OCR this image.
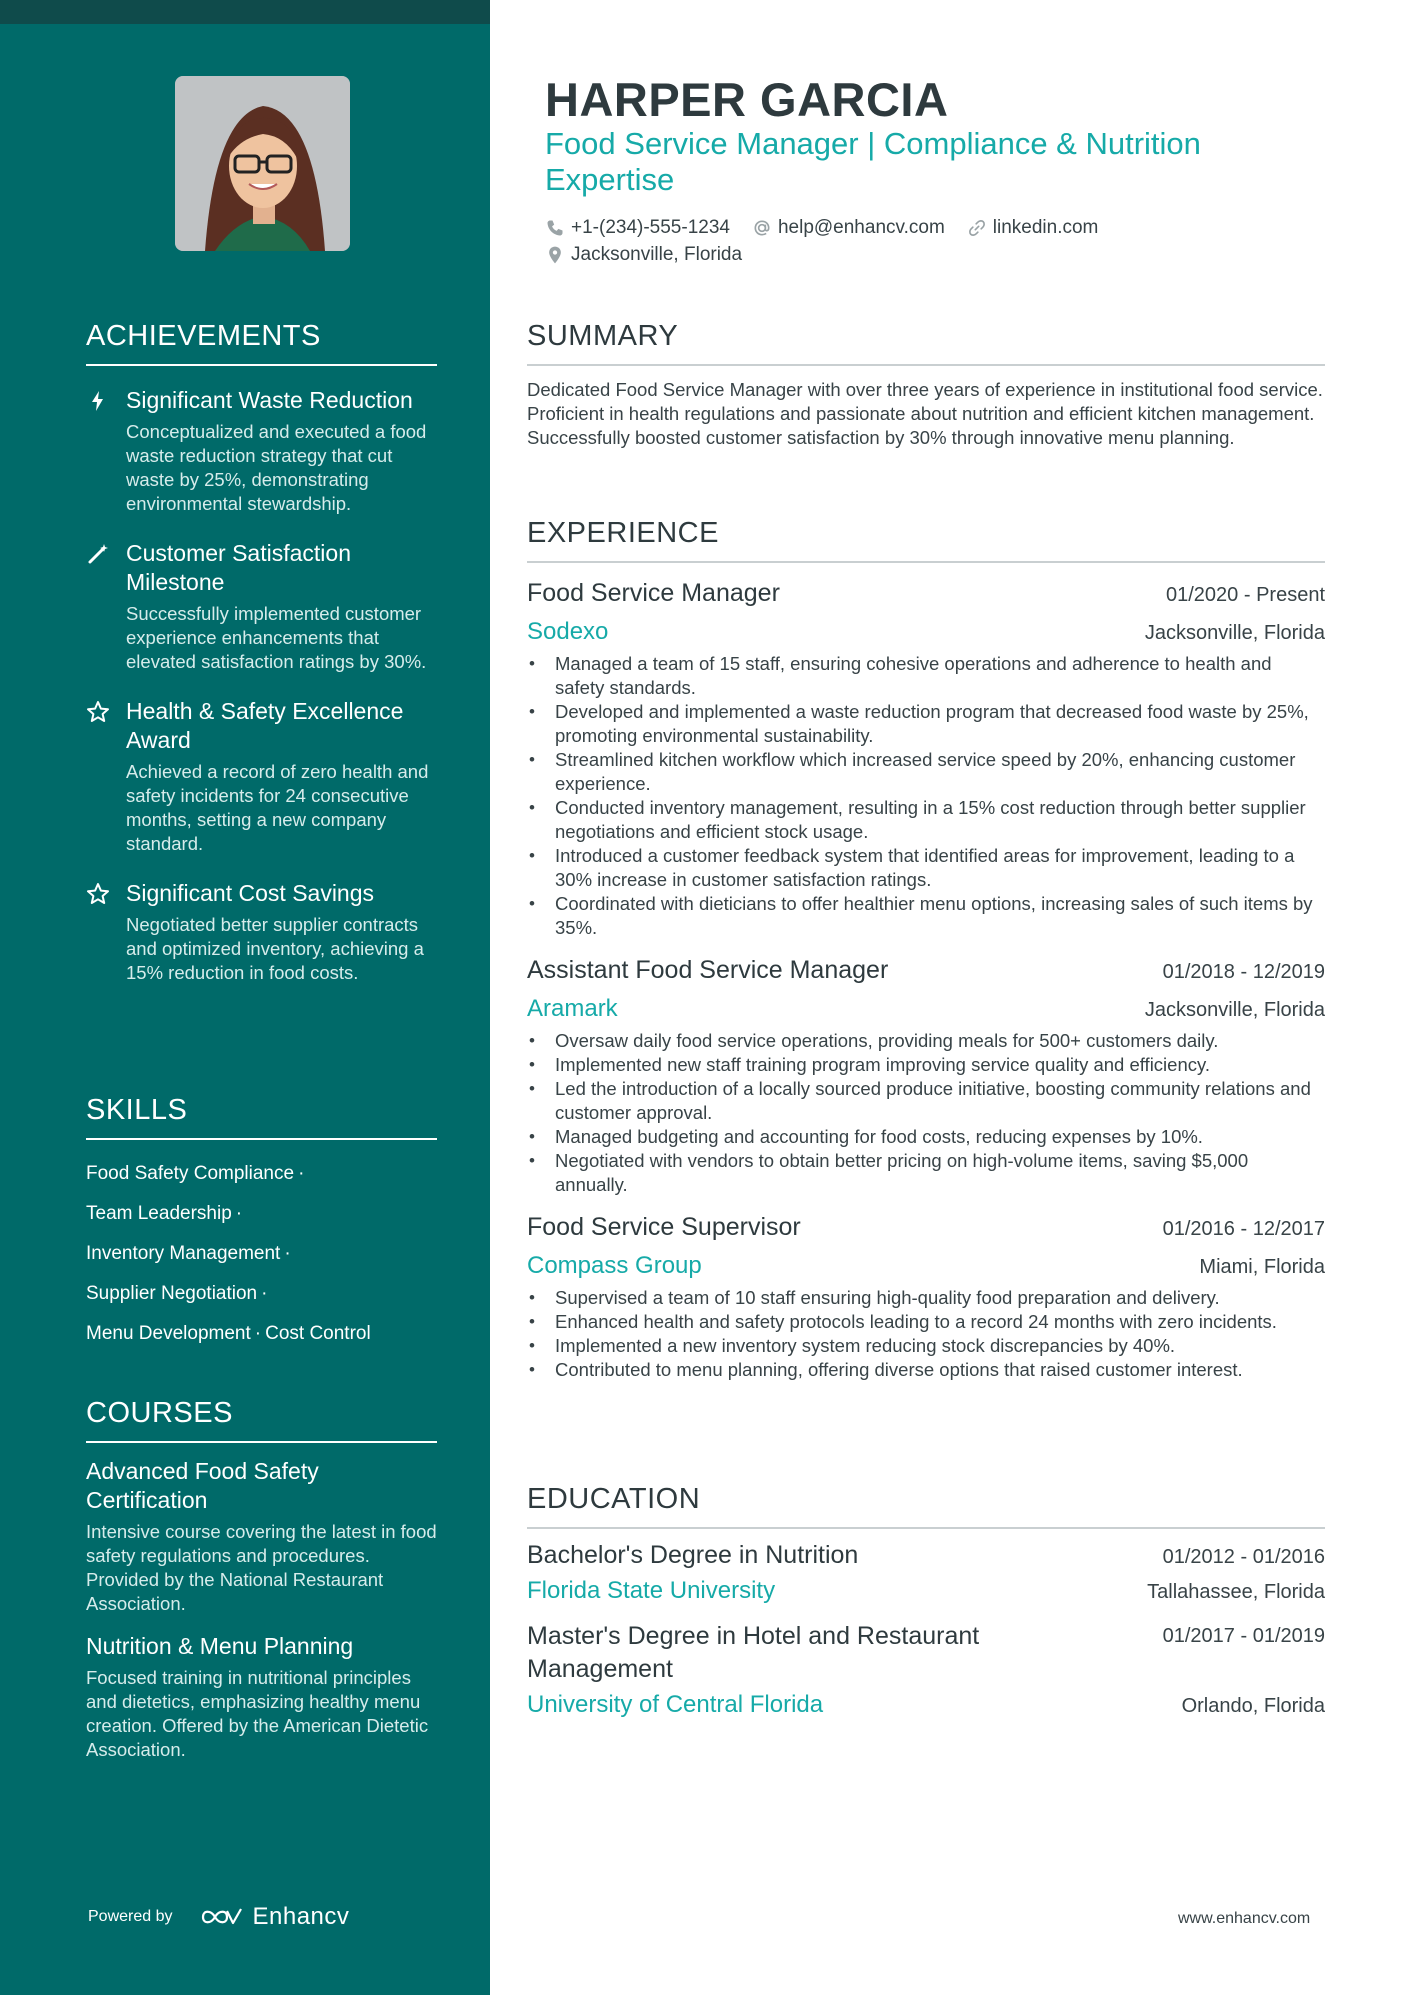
ACHIEVEMENTS
Significant Waste Reduction
Conceptualized and executed a food waste reduction strategy that cut waste by 25%, demonstrating environmental stewardship.
Customer Satisfaction Milestone
Successfully implemented customer experience enhancements that elevated satisfaction ratings by 30%.
Health & Safety Excellence Award
Achieved a record of zero health and safety incidents for 24 consecutive months, setting a new company standard.
Significant Cost Savings
Negotiated better supplier contracts and optimized inventory, achieving a 15% reduction in food costs.
SKILLS
Food Safety Compliance ·
Team Leadership ·
Inventory Management ·
Supplier Negotiation ·
Menu Development · Cost Control
COURSES
Advanced Food Safety Certification
Intensive course covering the latest in food safety regulations and procedures. Provided by the National Restaurant Association.
Nutrition & Menu Planning
Focused training in nutritional principles and dietetics, emphasizing healthy menu creation. Offered by the American Dietetic Association.
Powered by	Enhancv
HARPER GARCIA
Food Service Manager | Compliance & Nutrition Expertise
+1-(234)-555-1234	help@enhancv.com	linkedin.com
Jacksonville, Florida
SUMMARY

Dedicated Food Service Manager with over three years of experience in institutional food service. Proficient in health regulations and passionate about nutrition and efficient kitchen management. Successfully boosted customer satisfaction by 30% through innovative menu planning.

EXPERIENCE
Food Service Manager	01/2020 - Present
Sodexo	Jacksonville, Florida
• Managed a team of 15 staff, ensuring cohesive operations and adherence to health and safety standards.
• Developed and implemented a waste reduction program that decreased food waste by 25%, promoting environmental sustainability.
• Streamlined kitchen workflow which increased service speed by 20%, enhancing customer experience.
• Conducted inventory management, resulting in a 15% cost reduction through better supplier negotiations and efficient stock usage.
• Introduced a customer feedback system that identified areas for improvement, leading to a 30% increase in customer satisfaction ratings.
• Coordinated with dieticians to offer healthier menu options, increasing sales of such items by 35%.
Assistant Food Service Manager	01/2018 - 12/2019
Aramark	Jacksonville, Florida
• Oversaw daily food service operations, providing meals for 500+ customers daily.
• Implemented new staff training program improving service quality and efficiency.
• Led the introduction of a locally sourced produce initiative, boosting community relations and customer approval.
• Managed budgeting and accounting for food costs, reducing expenses by 10%.
• Negotiated with vendors to obtain better pricing on high-volume items, saving $5,000 annually.
Food Service Supervisor	01/2016 - 12/2017
Compass Group	Miami, Florida
• Supervised a team of 10 staff ensuring high-quality food preparation and delivery.
• Enhanced health and safety protocols leading to a record 24 months with zero incidents.
• Implemented a new inventory system reducing stock discrepancies by 40%.
• Contributed to menu planning, offering diverse options that raised customer interest.
EDUCATION
Bachelor's Degree in Nutrition	01/2012 - 01/2016
Florida State University	Tallahassee, Florida
Master's Degree in Hotel and Restaurant Management
01/2017 - 01/2019
University of Central Florida	Orlando, Florida
www.enhancv.com
